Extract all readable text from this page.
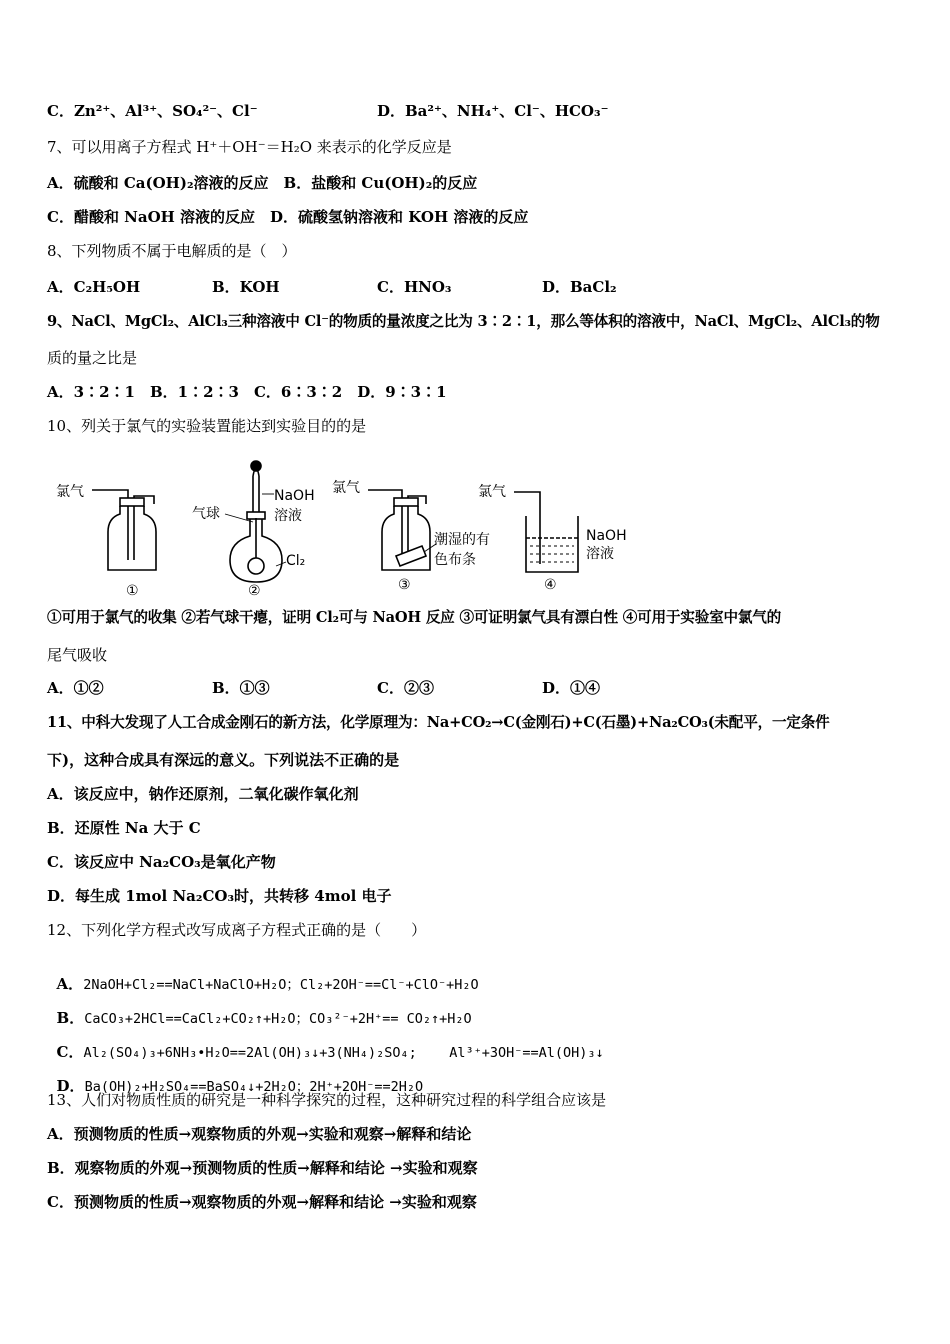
C．Zn²⁺、Al³⁺、SO₄²⁻、Cl⁻	D．Ba²⁺、NH₄⁺、Cl⁻、HCO₃⁻
7、可以用离子方程式 H⁺＋OH⁻＝H₂O 来表示的化学反应是
A．硫酸和 Ca(OH)₂溶液的反应　B．盐酸和 Cu(OH)₂的反应
C．醋酸和 NaOH 溶液的反应　D．硫酸氢钠溶液和 KOH 溶液的反应
8、下列物质不属于电解质的是（　）
A．C₂H₅OH	B．KOH	C．HNO₃	D．BaCl₂
9、NaCl、MgCl₂、AlCl₃三种溶液中 Cl⁻的物质的量浓度之比为 3∶2∶1，那么等体积的溶液中，NaCl、MgCl₂、AlCl₃的物
质的量之比是
A．3∶2∶1　B．1∶2∶3　C．6∶3∶2　D．9∶3∶1
10、列关于氯气的实验装置能达到实验目的的是
氯气
①
气球
NaOH
溶液
Cl₂
②
氯气
潮湿的有
色布条
③
氯气
NaOH
溶液
④
①可用于氯气的收集 ②若气球干瘪，证明 Cl₂可与 NaOH 反应 ③可证明氯气具有漂白性 ④可用于实验室中氯气的
尾气吸收
A．①②	B．①③	C．②③	D．①④
11、中科大发现了人工合成金刚石的新方法，化学原理为：Na+CO₂→C(金刚石)+C(石墨)+Na₂CO₃(未配平，一定条件
下)，这种合成具有深远的意义。下列说法不正确的是
A．该反应中，钠作还原剂，二氧化碳作氧化剂
B．还原性 Na 大于 C
C．该反应中 Na₂CO₃是氧化产物
D．每生成 1mol Na₂CO₃时，共转移 4mol 电子
12、下列化学方程式改写成离子方程式正确的是（　　）

A．2NaOH+Cl₂==NaCl+NaClO+H₂O；Cl₂+2OH⁻==Cl⁻+ClO⁻+H₂O

B．CaCO₃+2HCl==CaCl₂+CO₂↑+H₂O；CO₃²⁻+2H⁺== CO₂↑+H₂O

C．Al₂(SO₄)₃+6NH₃•H₂O==2Al(OH)₃↓+3(NH₄)₂SO₄;    Al³⁺+3OH⁻==Al(OH)₃↓

D．Ba(OH)₂+H₂SO₄==BaSO₄↓+2H₂O；2H⁺+2OH⁻==2H₂O

13、人们对物质性质的研究是一种科学探究的过程，这种研究过程的科学组合应该是
A．预测物质的性质→观察物质的外观→实验和观察→解释和结论
B．观察物质的外观→预测物质的性质→解释和结论 →实验和观察
C．预测物质的性质→观察物质的外观→解释和结论 →实验和观察
